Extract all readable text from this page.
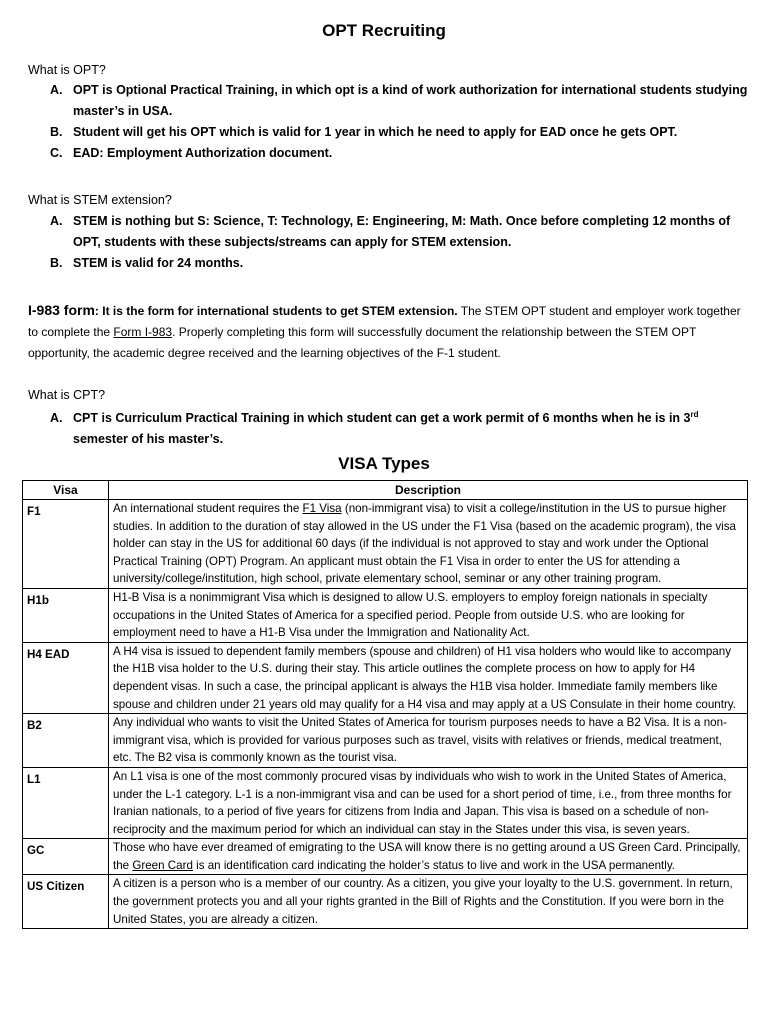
OPT Recruiting
What is OPT?
A. OPT is Optional Practical Training, in which opt is a kind of work authorization for international students studying master’s in USA.
B. Student will get his OPT which is valid for 1 year in which he need to apply for EAD once he gets OPT.
C. EAD: Employment Authorization document.
What is STEM extension?
A. STEM is nothing but S: Science, T: Technology, E: Engineering, M: Math. Once before completing 12 months of OPT, students with these subjects/streams can apply for STEM extension.
B. STEM is valid for 24 months.
I-983 form: It is the form for international students to get STEM extension. The STEM OPT student and employer work together to complete the Form I-983. Properly completing this form will successfully document the relationship between the STEM OPT opportunity, the academic degree received and the learning objectives of the F-1 student.
What is CPT?
A. CPT is Curriculum Practical Training in which student can get a work permit of 6 months when he is in 3rd
semester of his master’s.
VISA Types
Visa	Description
F1	An international student requires the F1 Visa (non-immigrant visa) to visit a college/institution in the US to pursue higher studies. In addition to the duration of stay allowed in the US under the F1 Visa (based on the academic program), the visa holder can stay in the US for additional 60 days (if the individual is not approved to stay and work under the Optional Practical Training (OPT) Program. An applicant must obtain the F1 Visa in order to enter the US for attending a university/college/institution, high school, private elementary school, seminar or any other training program.
H1b	H1-B Visa is a nonimmigrant Visa which is designed to allow U.S. employers to employ foreign nationals in specialty occupations in the United States of America for a specified period. People from outside U.S. who are looking for employment need to have a H1-B Visa under the Immigration and Nationality Act.
H4 EAD	A H4 visa is issued to dependent family members (spouse and children) of H1 visa holders who would like to accompany the H1B visa holder to the U.S. during their stay. This article outlines the complete process on how to apply for H4 dependent visas. In such a case, the principal applicant is always the H1B visa holder. Immediate family members like spouse and children under 21 years old may qualify for a H4 visa and may apply at a US Consulate in their home country.
B2	Any individual who wants to visit the United States of America for tourism purposes needs to have a B2 Visa. It is a non-immigrant visa, which is provided for various purposes such as travel, visits with relatives or friends, medical treatment, etc. The B2 visa is commonly known as the tourist visa.
L1	An L1 visa is one of the most commonly procured visas by individuals who wish to work in the United States of America, under the L-1 category. L-1 is a non-immigrant visa and can be used for a short period of time, i.e., from three months for Iranian nationals, to a period of five years for citizens from India and Japan. This visa is based on a schedule of non-reciprocity and the maximum period for which an individual can stay in the States under this visa, is seven years.
GC	Those who have ever dreamed of emigrating to the USA will know there is no getting around a US Green Card. Principally, the Green Card is an identification card indicating the holder’s status to live and work in the USA permanently.
US Citizen	A citizen is a person who is a member of our country. As a citizen, you give your loyalty to the U.S. government. In return, the government protects you and all your rights granted in the Bill of Rights and the Constitution. If you were born in the United States, you are already a citizen.
